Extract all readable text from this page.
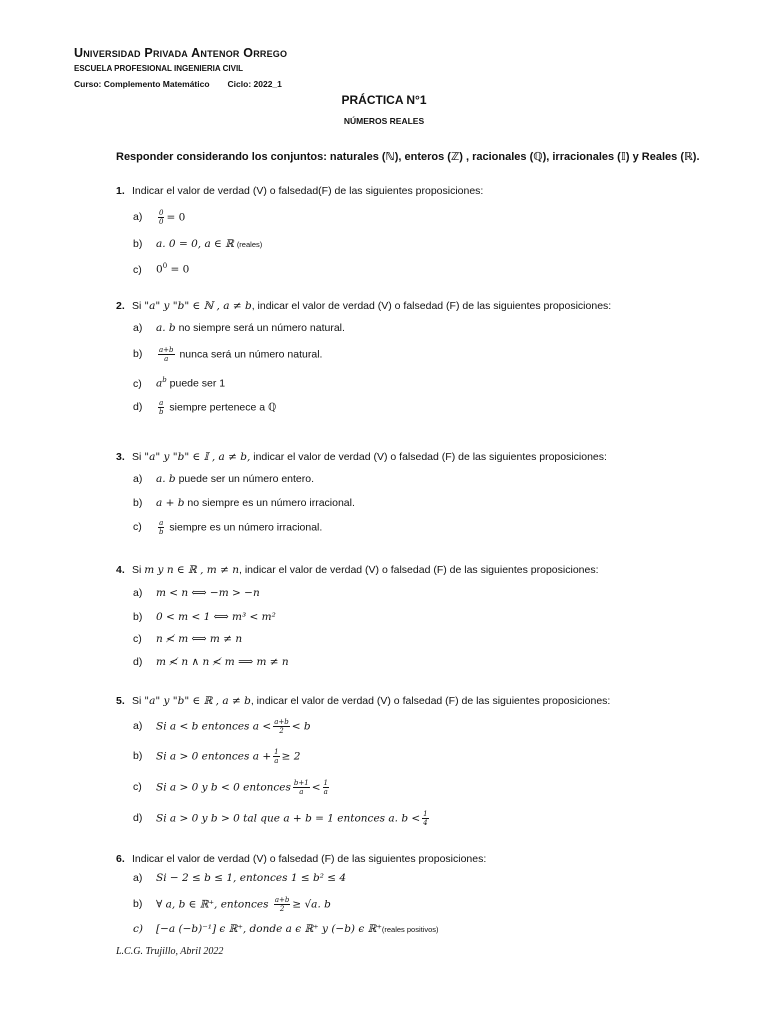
Universidad Privada Antenor Orrego
ESCUELA PROFESIONAL INGENIERIA CIVIL
Curso: Complemento Matemático Ciclo: 2022_1
PRÁCTICA N°1
NÚMEROS REALES
Responder considerando los conjuntos: naturales (ℕ), enteros (ℤ) , racionales (ℚ), irracionales (𝕀) y Reales (ℝ).
1. Indicar el valor de verdad (V) o falsedad(F) de las siguientes proposiciones:
$a) \frac{0}{0} = 0$
b) a. 0 = 0, a ∈ ℝ (reales)
c) $0^0 = 0$
2. Si "a" y "b" ∈ ℕ , a ≠ b, indicar el valor de verdad (V) o falsedad (F) de las siguientes proposiciones:
a) a. b no siempre será un número natural.
$b) \frac{a+b}{a}$ nunca será un número natural.
c) $a^b$ puede ser 1
$d) \frac{a}{b}$ siempre pertenece a ℚ
3. Si "a" y "b" ∈ 𝕀 , a ≠ b, indicar el valor de verdad (V) o falsedad (F) de las siguientes proposiciones:
a) a. b puede ser un número entero.
b) a + b no siempre es un número irracional.
$c) \frac{a}{b}$ siempre es un número irracional.
4. Si m y n ∈ ℝ , m ≠ n, indicar el valor de verdad (V) o falsedad (F) de las siguientes proposiciones:
a) m < n ⟺ −m > −n
b) 0 < m < 1 ⟺ m³ < m²
c) n ≮ m ⟺ m ≠ n
d) m ≮ n ∧ n ≮ m ⟹ m ≠ n
5. Si "a" y "b" ∈ ℝ , a ≠ b, indicar el valor de verdad (V) o falsedad (F) de las siguientes proposiciones:
a) Si a < b entonces $a < \frac{a+b}{2} < b$
b) Si a > 0 entonces $a + \frac{1}{a} \ge 2$
c) Si a > 0 y b < 0 entonces $\frac{b+1}{a} < \frac{1}{a}$
d) Si a > 0 y b > 0 tal que a + b = 1 entonces a. $b < \frac{1}{4}$
6. Indicar el valor de verdad (V) o falsedad (F) de las siguientes proposiciones:
a) Si − 2 ≤ b ≤ 1, entonces 1 ≤ b² ≤ 4
b) ∀ a, b ∈ ℝ⁺, entonces $\frac{a+b}{2} \ge √a$. b
c) [−a (−b)⁻¹] ϵ ℝ⁺, donde a ϵ ℝ⁺ y (−b) ϵ ℝ⁺(reales positivos)
L.C.G. Trujillo, Abril 2022
